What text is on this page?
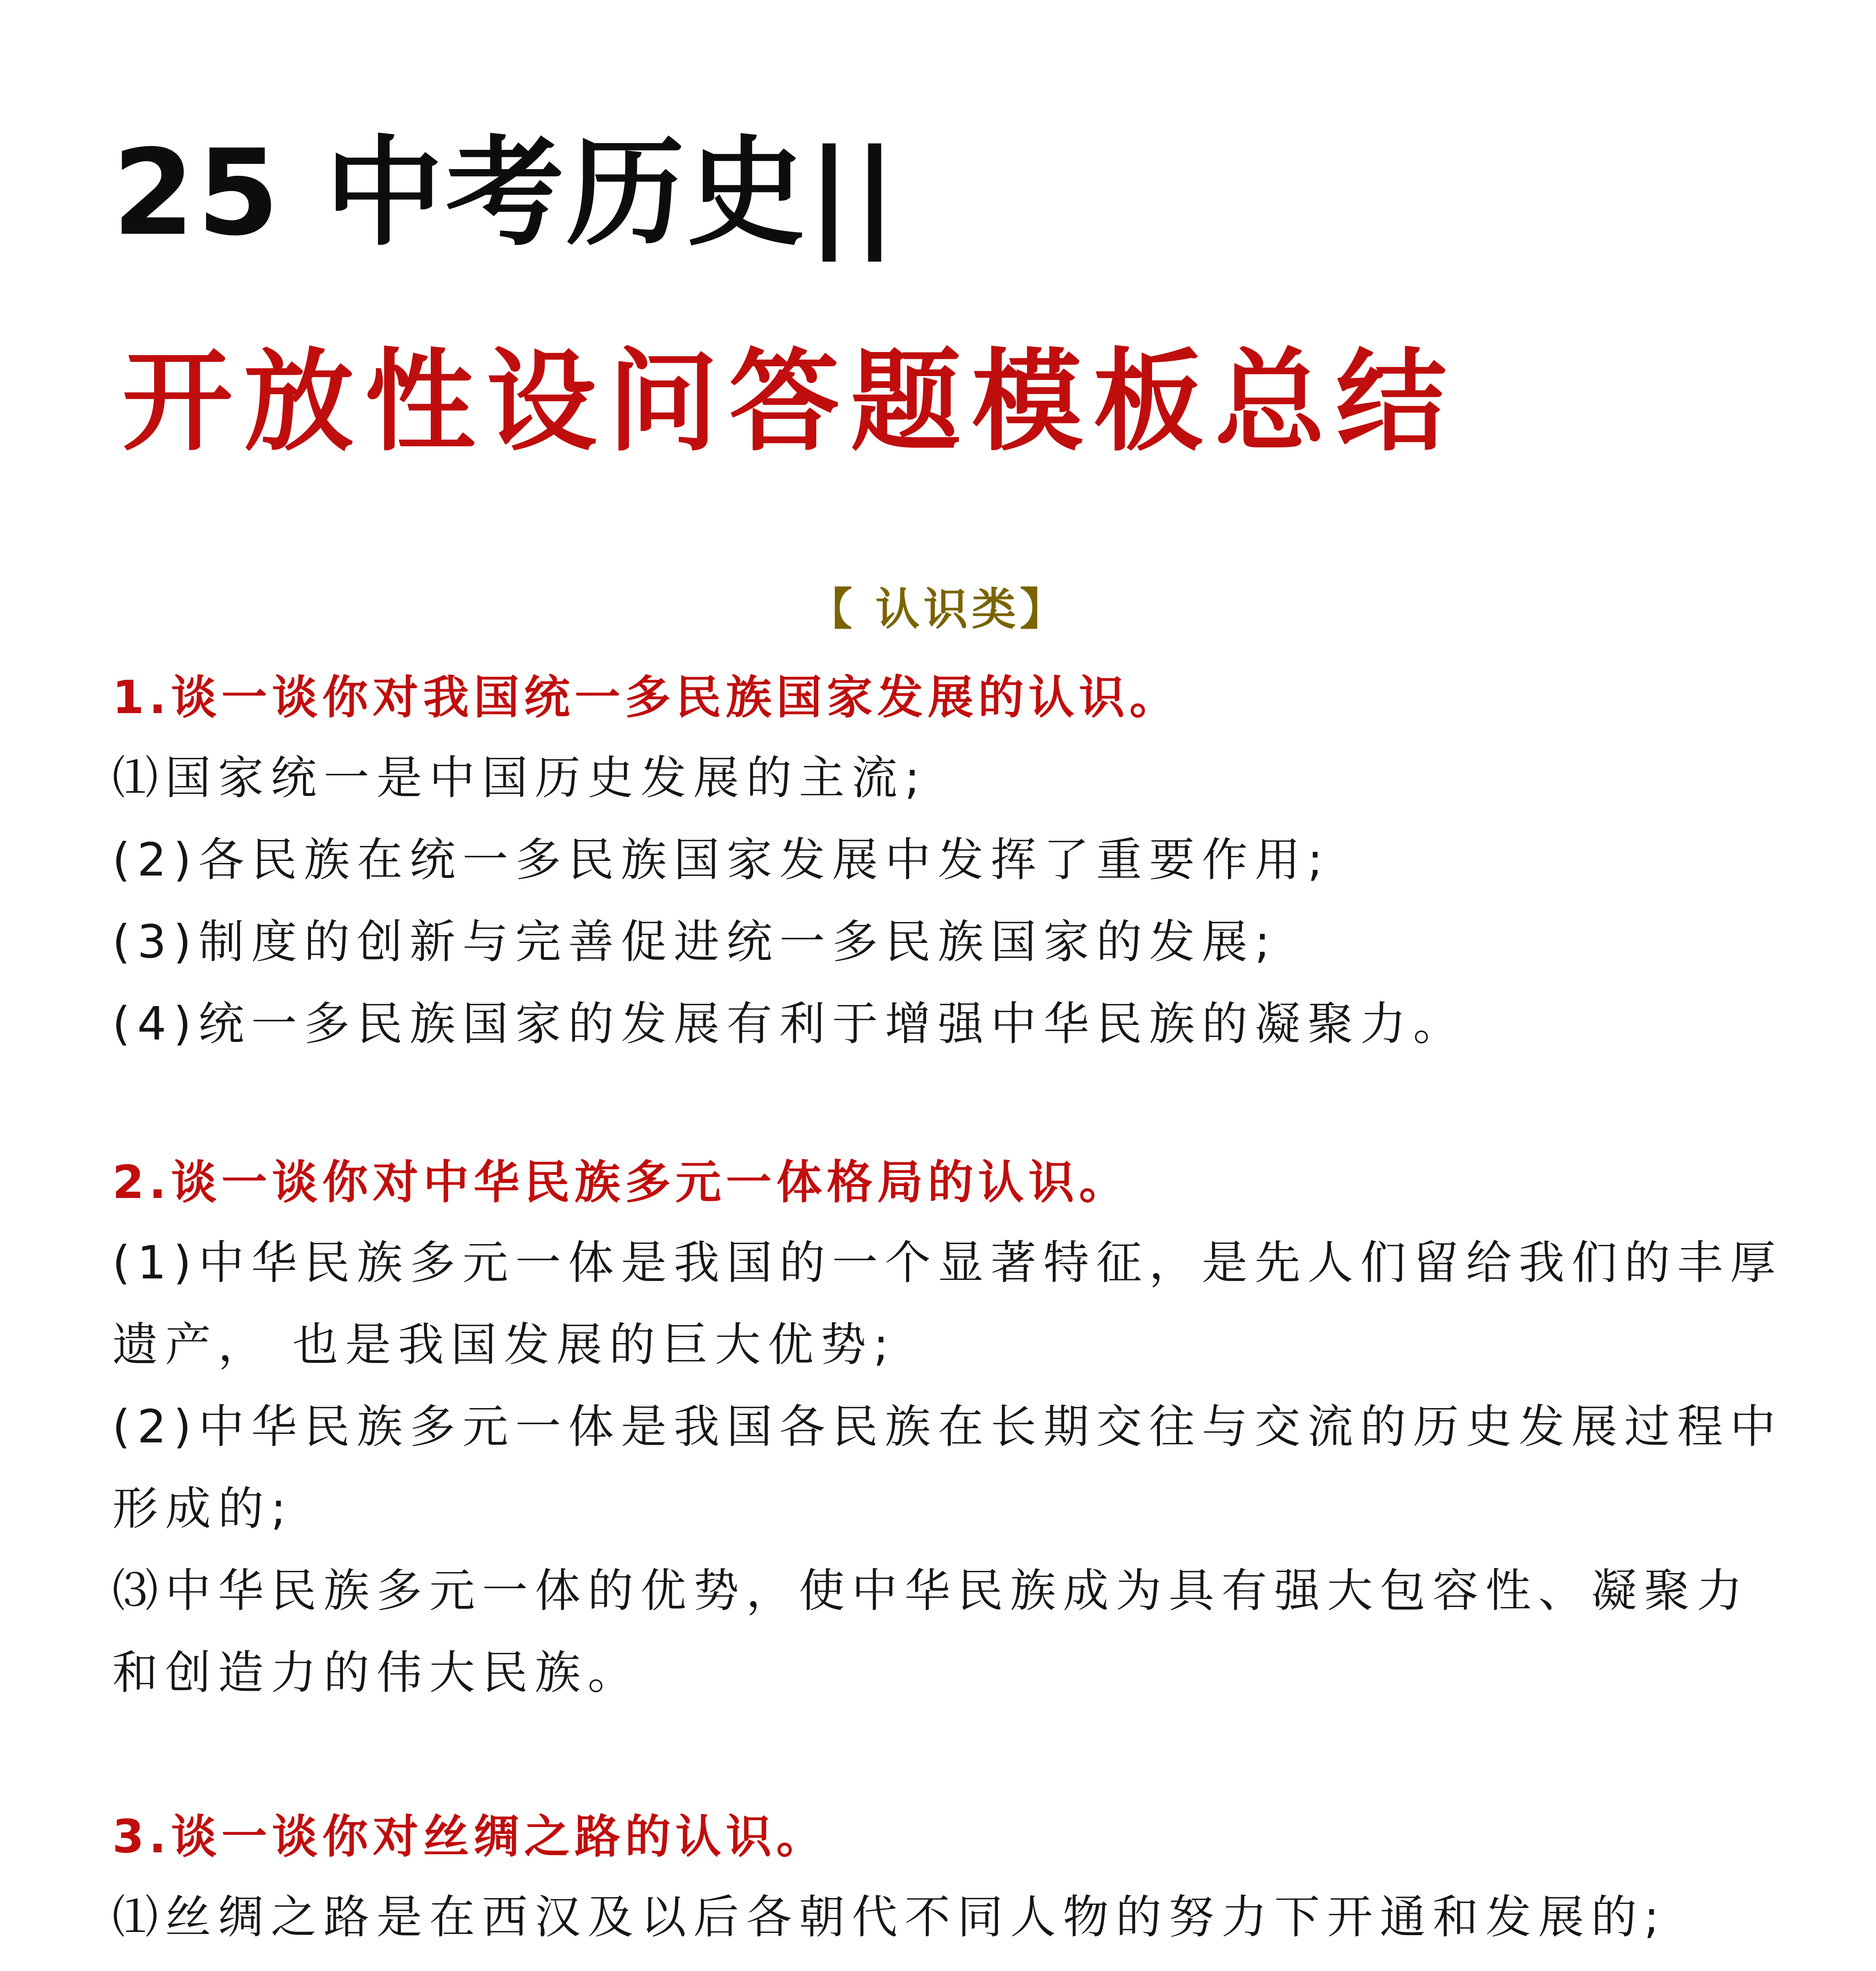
25 中考历史||
开放性设问答题模板总结
【 认识类】
1.谈一谈你对我国统一多民族国家发展的认识。
⑴国家统一是中国历史发展的主流;
(2)各民族在统一多民族国家发展中发挥了重要作用;
(3)制度的创新与完善促进统一多民族国家的发展;
(4)统一多民族国家的发展有利于增强中华民族的凝聚力。
2.谈一谈你对中华民族多元一体格局的认识。
(1)中华民族多元一体是我国的一个显著特征，是先人们留给我们的丰厚遗产， 也是我国发展的巨大优势;
(2)中华民族多元一体是我国各民族在长期交往与交流的历史发展过程中形成的;
⑶中华民族多元一体的优势，使中华民族成为具有强大包容性、凝聚力和创造力的伟大民族。
3.谈一谈你对丝绸之路的认识。
⑴丝绸之路是在西汉及以后各朝代不同人物的努力下开通和发展的;
